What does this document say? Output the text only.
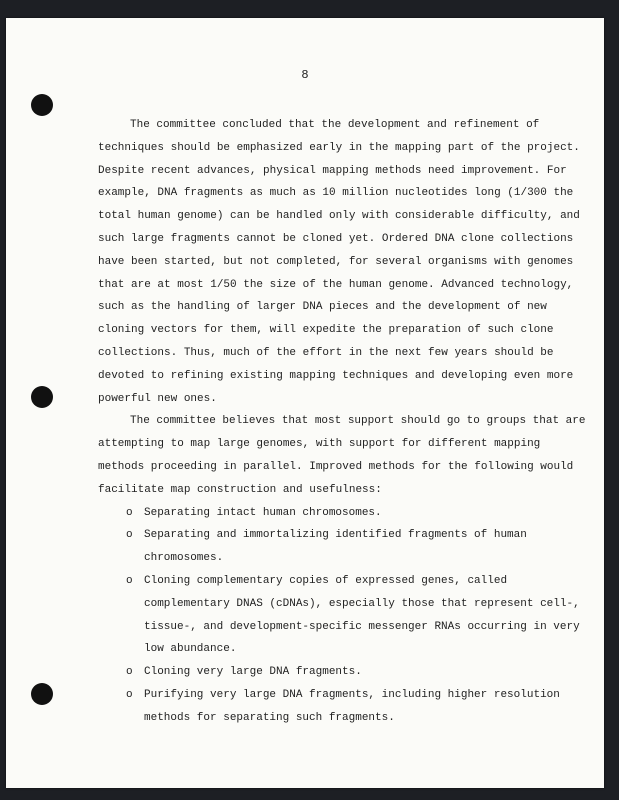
8
The committee concluded that the development and refinement of
techniques should be emphasized early in the mapping part of the project.
Despite recent advances, physical mapping methods need improvement. For
example, DNA fragments as much as 10 million nucleotides long (1/300 the
total human genome) can be handled only with considerable difficulty, and
such large fragments cannot be cloned yet. Ordered DNA clone collections
have been started, but not completed, for several organisms with genomes
that are at most 1/50 the size of the human genome. Advanced technology,
such as the handling of larger DNA pieces and the development of new
cloning vectors for them, will expedite the preparation of such clone
collections. Thus, much of the effort in the next few years should be
devoted to refining existing mapping techniques and developing even more
powerful new ones.
The committee believes that most support should go to groups that are
attempting to map large genomes, with support for different mapping
methods proceeding in parallel. Improved methods for the following would
facilitate map construction and usefulness:
o Separating intact human chromosomes.
o Separating and immortalizing identified fragments of human
chromosomes.
o Cloning complementary copies of expressed genes, called
complementary DNAS (cDNAs), especially those that represent cell-,
tissue-, and development-specific messenger RNAs occurring in very
low abundance.
o Cloning very large DNA fragments.
o Purifying very large DNA fragments, including higher resolution
methods for separating such fragments.
